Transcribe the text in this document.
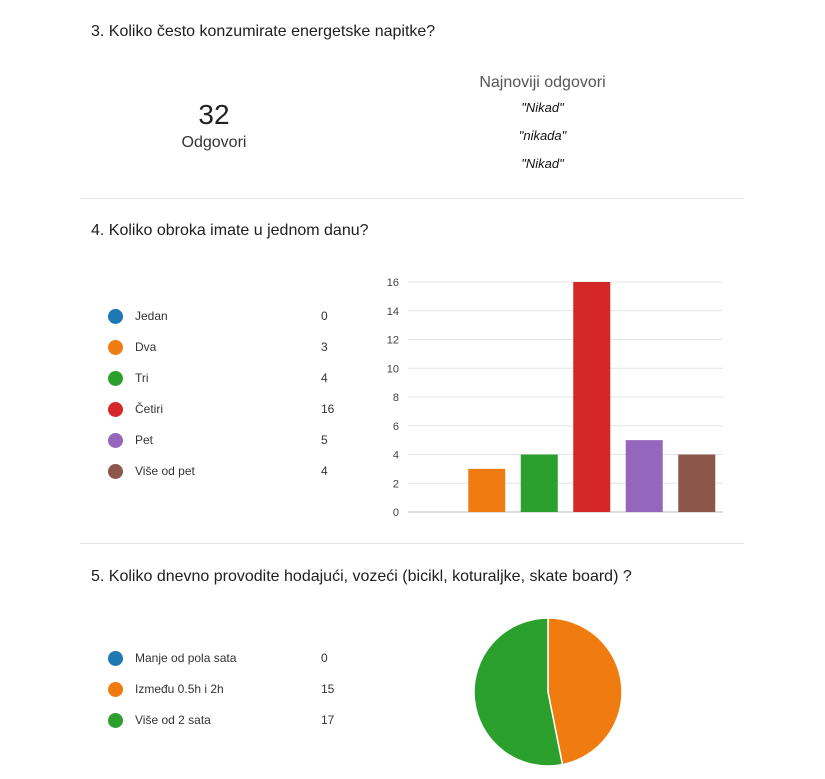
3. Koliko često konzumirate energetske napitke?
32
Odgovori
Najnoviji odgovori
"Nikad"
"nikada"
"Nikad"
4. Koliko obroka imate u jednom danu?
Jedan	0
Dva	3
Tri	4
Četiri	16
Pet	5
Više od pet	4
0
2
4
6
8
10
12
14
16
5. Koliko dnevno provodite hodajući, vozeći (bicikl, koturaljke, skate board) ?
Manje od pola sata	0
Između 0.5h i 2h	15
Više od 2 sata	17
